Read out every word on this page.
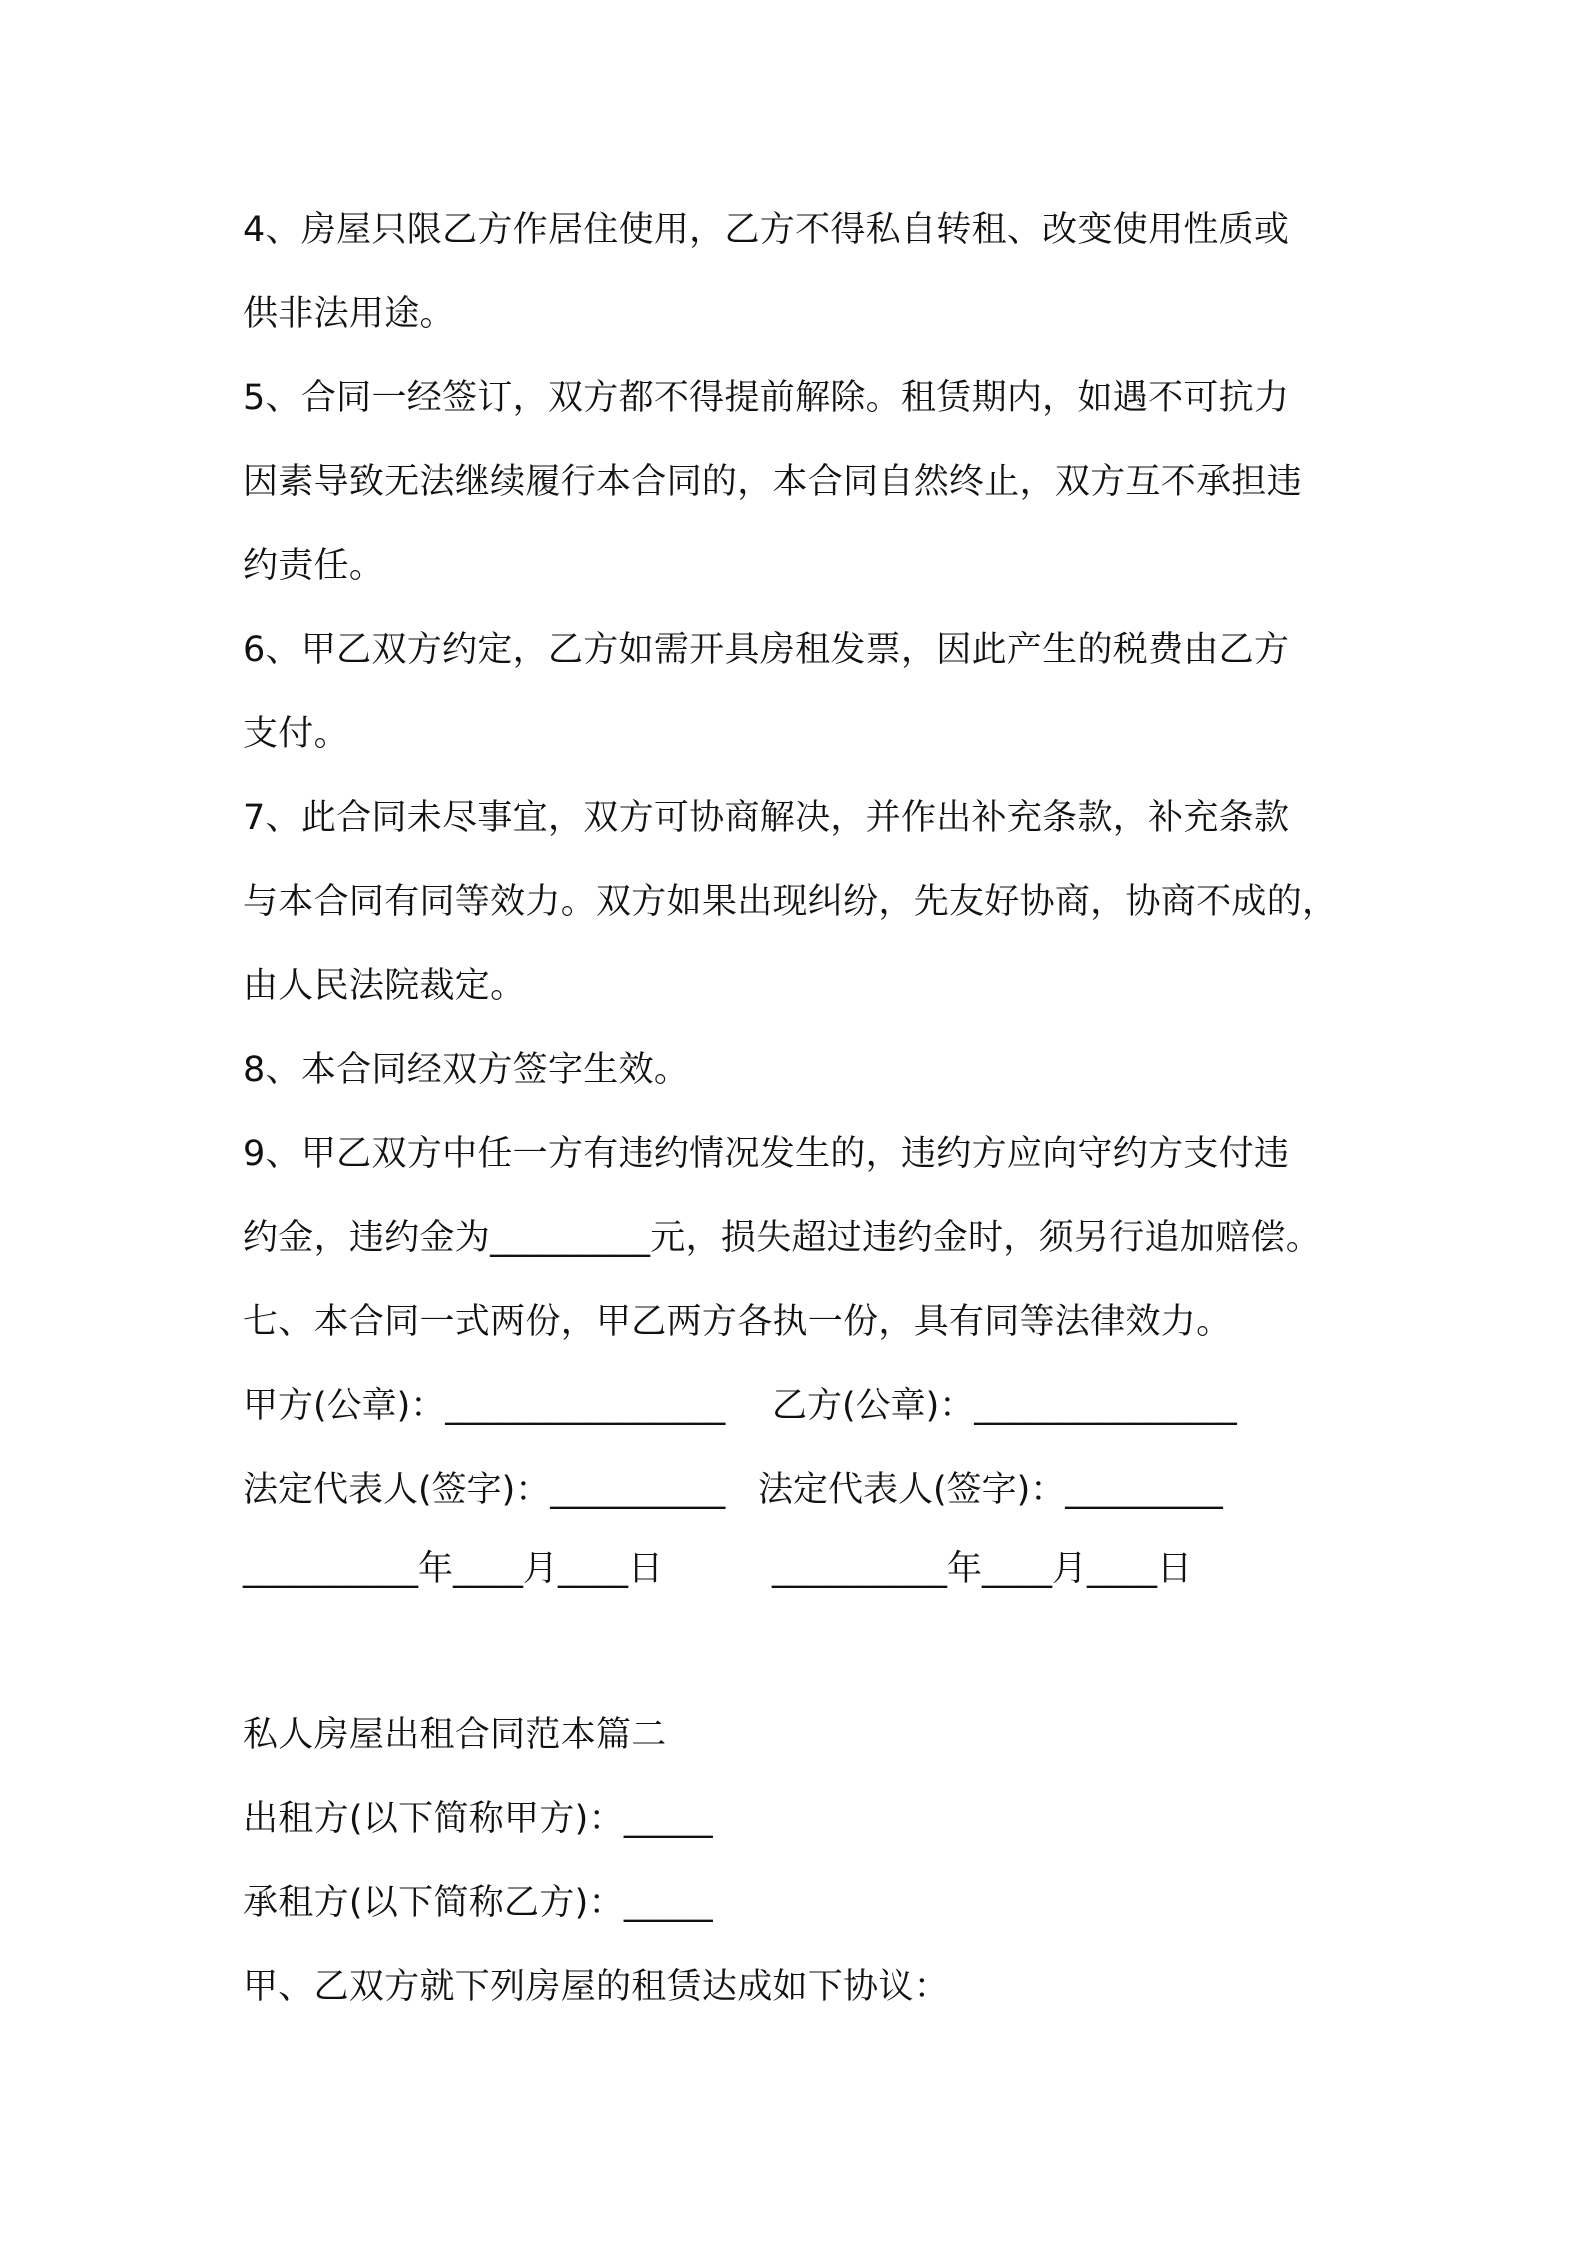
4、房屋只限乙方作居住使用，乙方不得私自转租、改变使用性质或
供非法用途。
5、合同一经签订，双方都不得提前解除。租赁期内，如遇不可抗力
因素导致无法继续履行本合同的，本合同自然终止，双方互不承担违
约责任。
6、甲乙双方约定，乙方如需开具房租发票，因此产生的税费由乙方
支付。
7、此合同未尽事宜，双方可协商解决，并作出补充条款，补充条款
与本合同有同等效力。双方如果出现纠纷，先友好协商，协商不成的，
由人民法院裁定。
8、本合同经双方签字生效。
9、甲乙双方中任一方有违约情况发生的，违约方应向守约方支付违
约金，违约金为_________元，损失超过违约金时，须另行追加赔偿。
七、本合同一式两份，甲乙两方各执一份，具有同等法律效力。
甲方(公章)：________________ 乙方(公章)：_______________
法定代表人(签字)：__________ 法定代表人(签字)：_________
__________年____月____日	__________年____月____日
私人房屋出租合同范本篇二
出租方(以下简称甲方)：_____
承租方(以下简称乙方)：_____
甲、乙双方就下列房屋的租赁达成如下协议：
